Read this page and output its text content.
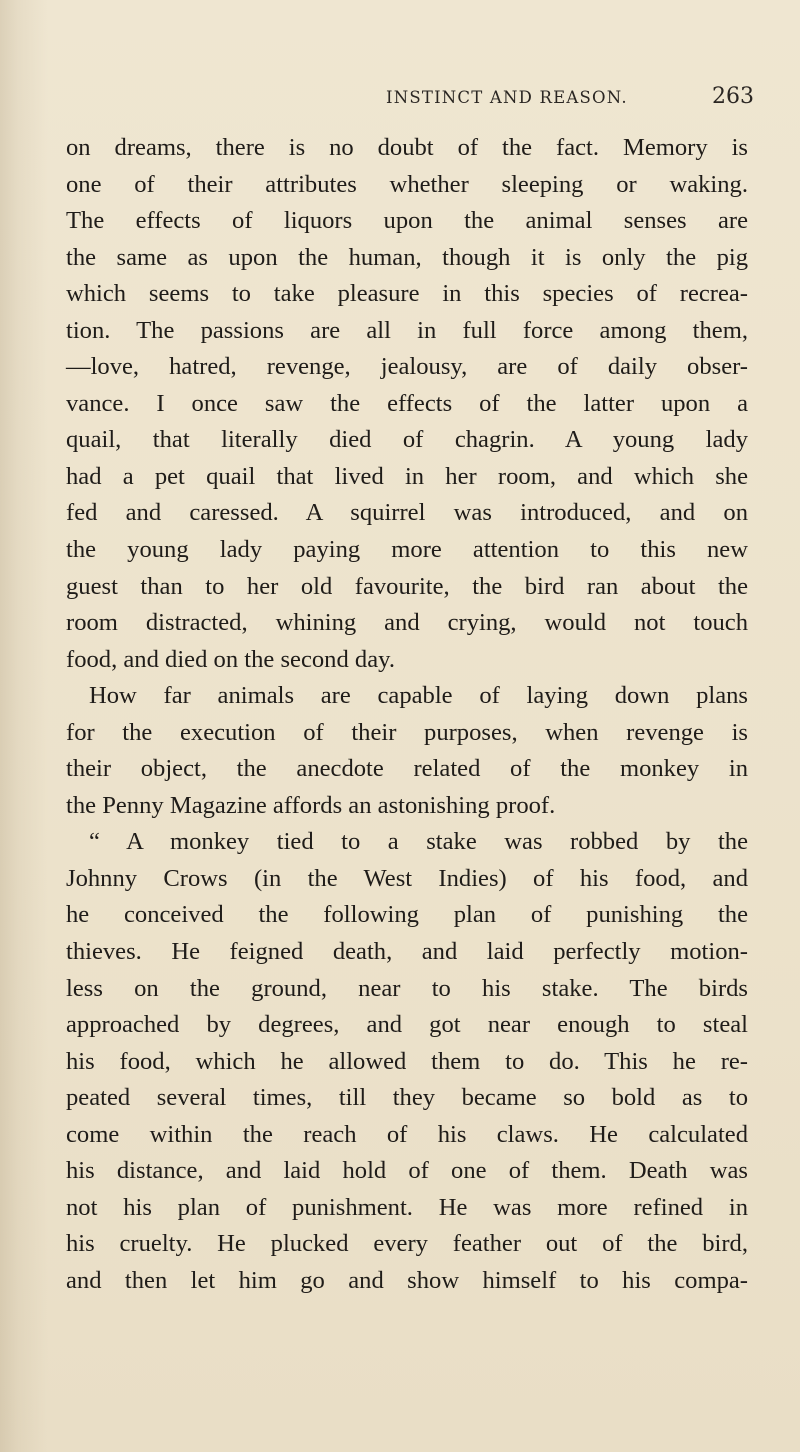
INSTINCT AND REASON.	263
on dreams, there is no doubt of the fact. Memory is
one of their attributes whether sleeping or waking.
The effects of liquors upon the animal senses are
the same as upon the human, though it is only the pig
which seems to take pleasure in this species of recrea-
tion. The passions are all in full force among them,
—love, hatred, revenge, jealousy, are of daily obser-
vance. I once saw the effects of the latter upon a
quail, that literally died of chagrin. A young lady
had a pet quail that lived in her room, and which she
fed and caressed. A squirrel was introduced, and on
the young lady paying more attention to this new
guest than to her old favourite, the bird ran about the
room distracted, whining and crying, would not touch
food, and died on the second day.
How far animals are capable of laying down plans
for the execution of their purposes, when revenge is
their object, the anecdote related of the monkey in
the Penny Magazine affords an astonishing proof.
“ A monkey tied to a stake was robbed by the
Johnny Crows (in the West Indies) of his food, and
he conceived the following plan of punishing the
thieves. He feigned death, and laid perfectly motion-
less on the ground, near to his stake. The birds
approached by degrees, and got near enough to steal
his food, which he allowed them to do. This he re-
peated several times, till they became so bold as to
come within the reach of his claws. He calculated
his distance, and laid hold of one of them. Death was
not his plan of punishment. He was more refined in
his cruelty. He plucked every feather out of the bird,
and then let him go and show himself to his compa-
